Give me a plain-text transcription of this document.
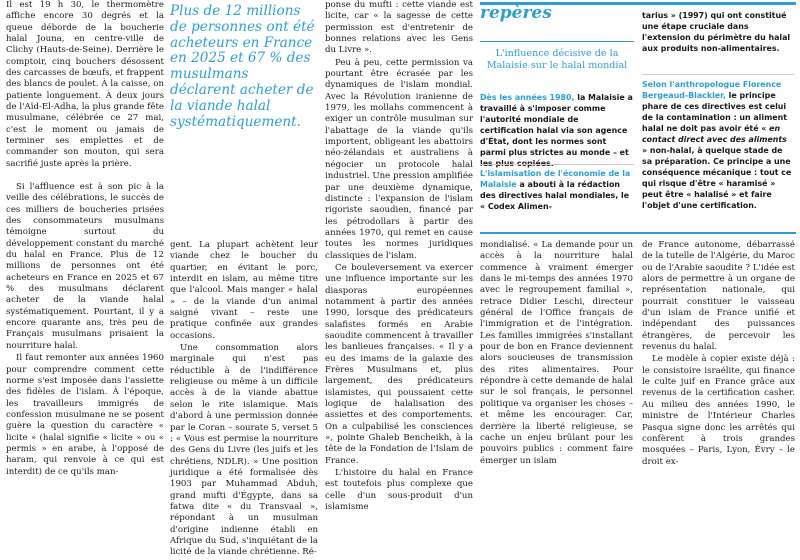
Il est 19 h 30, le thermomètre affiche encore 30 degrés et la queue déborde de la boucherie halal Jouna, en centre-ville de Clichy (Hauts-de-Seine). Derrière le comptoir, cinq bouchers désossent des carcasses de bœufs, et frappent des blancs de poulet. À la caisse, on patiente longuement. À deux jours de l'Aïd-El-Adha, la plus grande fête musulmane, célébrée ce 27 mai, c'est le moment ou jamais de terminer ses emplettes et de commander son mouton, qui sera sacrifié juste après la prière.

Si l'affluence est à son pic à la veille des célébrations, le succès de ces milliers de boucheries prisées des consommateurs musulmans témoigne surtout du développement constant du marché du halal en France. Plus de 12 millions de personnes ont été acheteurs en France en 2025 et 67 % des musulmans déclarent acheter de la viande halal systématiquement. Pourtant, il y a encore quarante ans, très peu de Français musulmans prisaient la nourriture halal.

Il faut remonter aux années 1960 pour comprendre comment cette norme s'est imposée dans l'assiette des fidèles de l'islam. À l'époque, les travailleurs immigrés de confession musulmane ne se posent guère la question du caractère « licite » (halal signifie « licite » ou « permis » en arabe, à l'opposé de haram, qui renvoie à ce qui est interdit) de ce qu'ils man-

Plus de 12 millions de personnes ont été acheteurs en France en 2025 et 67 % des musulmans déclarent acheter de la viande halal systématiquement.

gent. La plupart achètent leur viande chez le boucher du quartier, en évitant le porc, interdit en islam, au même titre que l'alcool. Mais manger « halal » – de la viande d'un animal saigné vivant – reste une pratique confinée aux grandes occasions.

Une consommation alors marginale qui n'est pas réductible à de l'indifférence religieuse ou même à un difficile accès à de la viande abattue selon le rite islamique. Mais d'abord à une permission donnée par le Coran – sourate 5, verset 5 : « Vous est permise la nourriture des Gens du Livre (les juifs et les chrétiens, NDLR). » Une position juridique a été formalisée dès 1903 par Muhammad Abduh, grand mufti d'Égypte, dans sa fatwa dite « du Transvaal », répondant à un musulman d'origine indienne établi en Afrique du Sud, s'inquiétant de la licité de la viande chrétienne. Ré-

ponse du mufti : cette viande est licite, car « la sagesse de cette permission est d'entretenir de bonnes relations avec les Gens du Livre ».

Peu à peu, cette permission va pourtant être écrasée par les dynamiques de l'islam mondial. Avec la Révolution iranienne de 1979, les mollahs commencent à exiger un contrôle musulman sur l'abattage de la viande qu'ils importent, obligeant les abattoirs néo-zélandais et australiens à négocier un protocole halal industriel. Une pression amplifiée par une deuxième dynamique, distincte : l'expansion de l'islam rigoriste saoudien, financé par les pétrodollars à partir des années 1970, qui remet en cause toutes les normes juridiques classiques de l'islam.

Ce bouleversement va exercer une influence importante sur les diasporas européennes notamment à partir des années 1990, lorsque des prédicateurs salafistes formés en Arabie saoudite commencent à travailler les banlieues françaises. « Il y a eu des imams de la galaxie des Frères Musulmans et, plus largement, des prédicateurs islamistes, qui poussaient cette logique de halalisation des assiettes et des comportements. On a culpabilisé les consciences », pointe Ghaleb Bencheikh, à la tête de la Fondation de l'Islam de France.

L'histoire du halal en France est toutefois plus complexe que celle d'un sous-produit d'un islamisme

repères

L'influence décisive de la Malaisie sur le halal mondial

Dès les années 1980, la Malaisie a travaillé à s'imposer comme l'autorité mondiale de certification halal via son agence d'État, dont les normes sont parmi plus strictes au monde – et
L'islamisation de l'économie de la Malaisie a abouti à la rédaction des directives halal mondiales, le « Codex Alimen-
tarius » (1997) qui ont constitué une étape cruciale dans l'extension du périmètre du halal aux produits non-alimentaires.
Selon l'anthropologue Florence Bergeaud-Blackler, le principe phare de ces directives est celui de la contamination : un aliment halal ne doit pas avoir été « en contact direct avec des aliments » non-halal, à quelque stade de sa préparation. Ce principe a une conséquence mécanique : tout ce qui risque d'être « haramisé » peut être « halalisé » et faire l'objet d'une certification.

mondialisé. « La demande pour un accès à la nourriture halal commence à vraiment émerger dans le mi-temps des années 1970 avec le regroupement familial », retrace Didier Leschi, directeur général de l'Office français de l'immigration et de l'intégration. Les familles immigrées s'installant pour de bon en France deviennent alors soucieuses de transmission des rites alimentaires. Pour répondre à cette demande de halal sur le sol français, le personnel politique va organiser les choses – et même les encourager. Car, derrière la liberté religieuse, se cache un enjeu brûlant pour les pouvoirs publics : comment faire émerger un islam

de France autonome, débarrassé de la tutelle de l'Algérie, du Maroc ou de l'Arabie saoudite ? L'idée est alors de permettre à un organe de représentation nationale, qui pourrait constituer le vaisseau d'un islam de France unifié et indépendant des puissances étrangères, de percevoir les revenus du halal.

Le modèle à copier existe déjà : le consistoire israélite, qui finance le culte juif en France grâce aux revenus de la certification casher. Au milieu des années 1990, le ministre de l'Intérieur Charles Pasqua signe donc les arrêtés qui confèrent à trois grandes mosquées – Paris, Lyon, Évry – le droit ex-
